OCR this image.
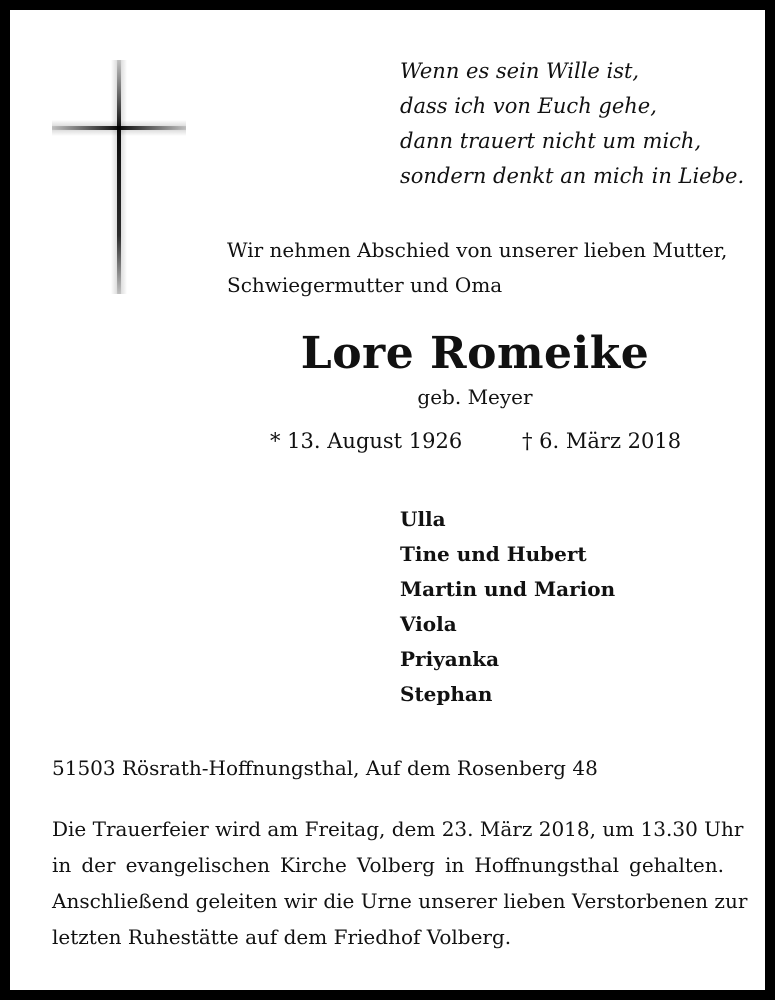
Wenn es sein Wille ist,
dass ich von Euch gehe,
dann trauert nicht um mich,
sondern denkt an mich in Liebe.
Wir nehmen Abschied von unserer lieben Mutter,
Schwiegermutter und Oma
Lore Romeike
geb. Meyer
* 13. August 1926	† 6. März 2018
Ulla
Tine und Hubert
Martin und Marion
Viola
Priyanka
Stephan
51503 Rösrath-Hoffnungsthal, Auf dem Rosenberg 48
Die Trauerfeier wird am Freitag, dem 23. März 2018, um 13.30 Uhr
in der evangelischen Kirche Volberg in Hoffnungsthal gehalten.
Anschließend geleiten wir die Urne unserer lieben Verstorbenen zur
letzten Ruhestätte auf dem Friedhof Volberg.
